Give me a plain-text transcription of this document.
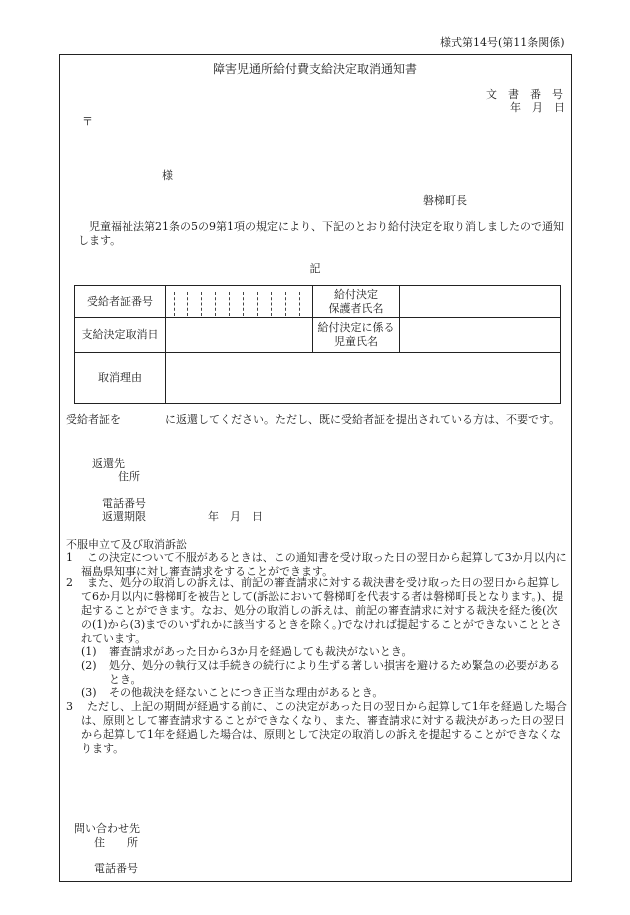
様式第14号(第11条関係)
障害児通所給付費支給決定取消通知書
文　書　番　号
年　月　日
〒
様
磐梯町長
　児童福祉法第21条の5の9第1項の規定により、下記のとおり給付決定を取り消しましたので通知します。
記
受給者証番号		給付決定
保護者氏名	

支給決定取消日		給付決定に係る
児童氏名	

取消理由			
受給者証を　　　　に返還してください。ただし、既に受給者証を提出されている方は、不要です。
返還先
住所
電話番号
返還期限	年　月　日
不服申立て及び取消訴訟
1	この決定について不服があるときは、この通知書を受け取った日の翌日から起算して3か月以内に福島県知事に対し審査請求をすることができます。
2	また、処分の取消しの訴えは、前記の審査請求に対する裁決書を受け取った日の翌日から起算して6か月以内に磐梯町を被告として(訴訟において磐梯町を代表する者は磐梯町長となります。)、提起することができます。なお、処分の取消しの訴えは、前記の審査請求に対する裁決を経た後(次の(1)から(3)までのいずれかに該当するときを除く。)でなければ提起することができないこととされています。
(1) 審査請求があった日から3か月を経過しても裁決がないとき。
(2) 処分、処分の執行又は手続きの続行により生ずる著しい損害を避けるため緊急の必要があるとき。
(3) その他裁決を経ないことにつき正当な理由があるとき。
3	ただし、上記の期間が経過する前に、この決定があった日の翌日から起算して1年を経過した場合は、原則として審査請求することができなくなり、また、審査請求に対する裁決があった日の翌日から起算して1年を経過した場合は、原則として決定の取消しの訴えを提起することができなくなります。
問い合わせ先
住　　所
電話番号
